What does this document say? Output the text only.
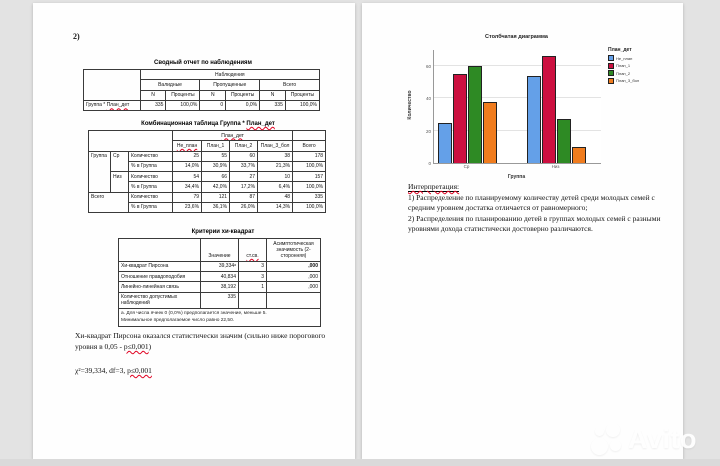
2)
Сводный отчет по наблюдениям
	Наблюдения					
	Валидные		Пропущенные		Всего	
	N	Проценты	N	Проценты	N	Проценты
Группа * План_дет	335	100,0%	0	0,0%	335	100,0%
Комбинационная таблица Группа * План_дет
			План_дет				
			Не_план	План_1	План_2	План_3_бол	Всего
Группа	Ср	Количество	25	55	60	38	178
		% в Группа	14,0%	30,9%	33,7%	21,3%	100,0%
	Низ	Количество	54	66	27	10	157
		% в Группа	34,4%	42,0%	17,2%	6,4%	100,0%
Всего		Количество	79	121	87	48	335
		% в Группа	23,6%	36,1%	26,0%	14,3%	100,0%
Критерии хи-квадрат
	Значение	ст.св.	Асимптотическая значимость (2-сторонняя)
Хи-квадрат Пирсона	39,334ᵃ	3	,000
Отношение правдоподобия	40,834	3	,000
Линейно-линейная связь	38,192	1	,000
Количество допустимых наблюдений	335		

a. Для числа ячеек 0 (0,0%) предполагается значение, меньше 5.
Минимальное предполагаемое число равно 22,50.			
Хи-квадрат Пирсона оказался статистически значим (сильно ниже порогового уровня в 0,05 - p≤0,001)
χ²=39,334, df=3, p≤0,001
Столбчатая диаграмма
Количество
0
20
40
60
Ср	Низ
Группа
План_дет
Не_план
План_1
План_2
План_3_бол
Интерпретация:
1) Распределение по планируемому количеству детей среди молодых семей с средним уровнем достатка отличается от равномерного;
2) Распределения по планированию детей в группах молодых семей с разными уровнями дохода статистически достоверно различаются.
Avito
